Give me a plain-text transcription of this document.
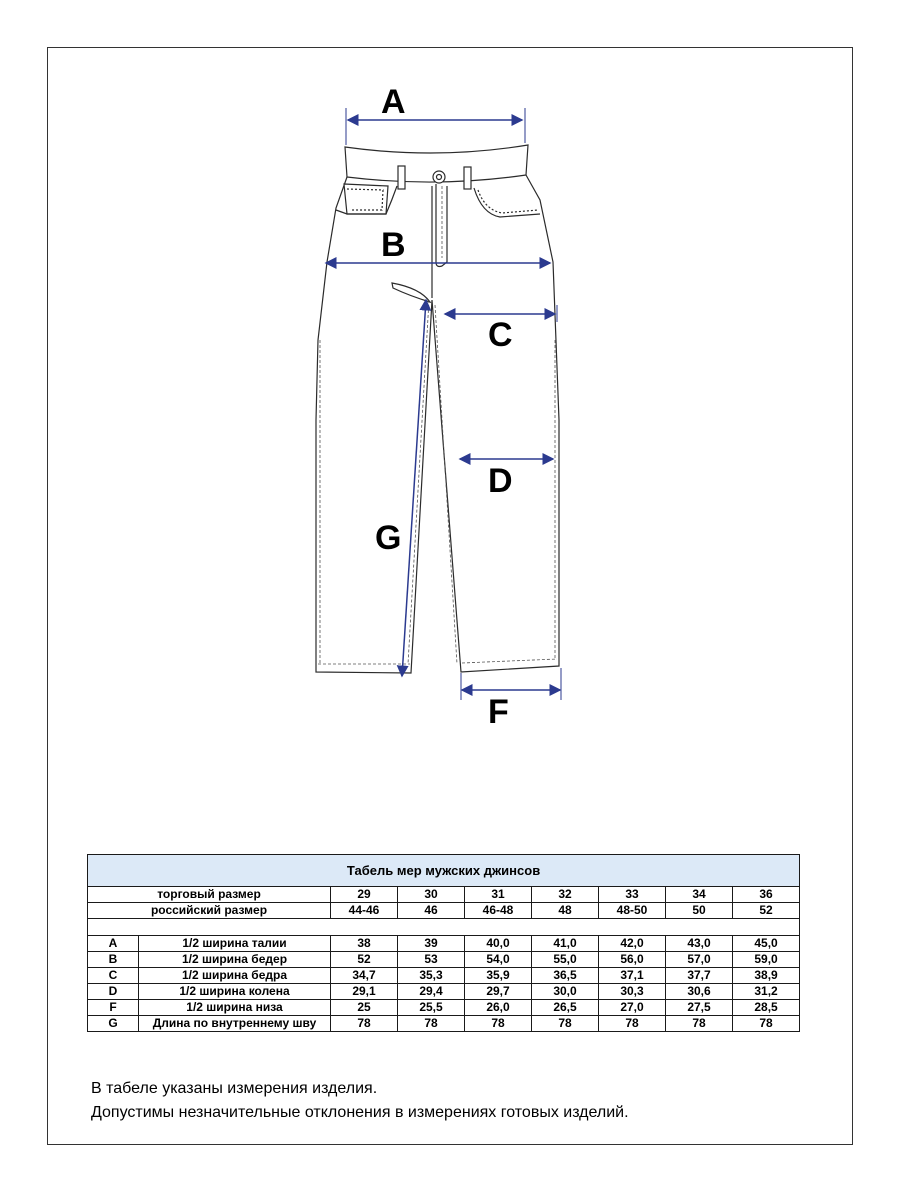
A
B
C
D
G
F
Табель мер мужских джинсов								
торговый размер		29	30	31	32	33	34	36
российский размер		44-46	46	46-48	48	48-50	50	52

A	1/2 ширина талии	38	39	40,0	41,0	42,0	43,0	45,0
B	1/2 ширина бедер	52	53	54,0	55,0	56,0	57,0	59,0
C	1/2 ширина бедра	34,7	35,3	35,9	36,5	37,1	37,7	38,9
D	1/2 ширина колена	29,1	29,4	29,7	30,0	30,3	30,6	31,2
F	1/2 ширина низа	25	25,5	26,0	26,5	27,0	27,5	28,5
G	Длина по внутреннему шву	78	78	78	78	78	78	78

В табеле указаны измерения изделия.

Допустимы незначительные отклонения в измерениях готовых изделий.
